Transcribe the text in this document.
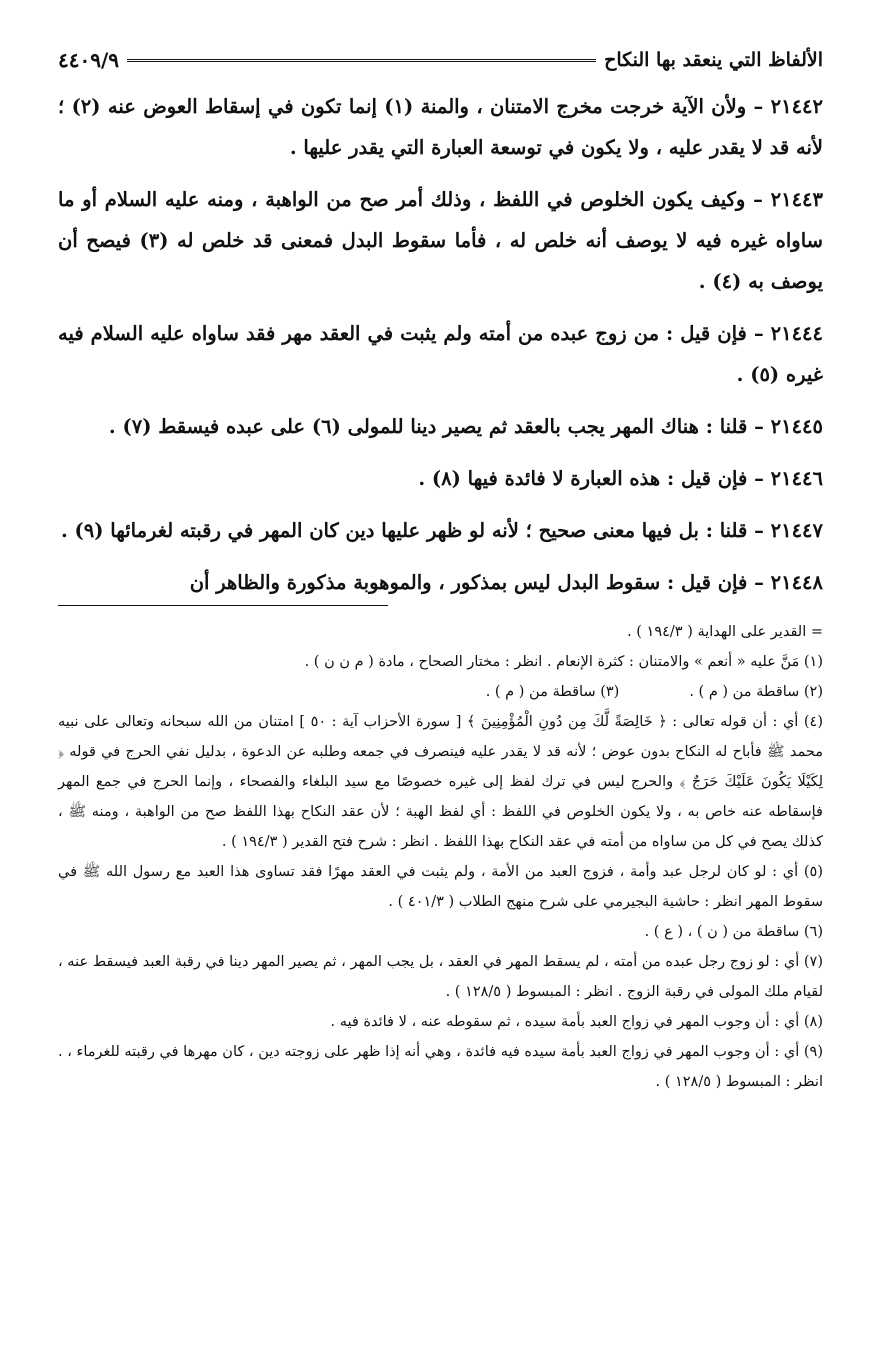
الألفاظ التي ينعقد بها النكاح
٤٤٠٩/٩

٢١٤٤٢ – ولأن الآية خرجت مخرج الامتنان ، والمنة (١) إنما تكون في إسقاط العوض عنه (٢) ؛ لأنه قد لا يقدر عليه ، ولا يكون في توسعة العبارة التي يقدر عليها .

٢١٤٤٣ – وكيف يكون الخلوص في اللفظ ، وذلك أمر صح من الواهبة ، ومنه عليه السلام أو ما ساواه غيره فيه لا يوصف أنه خلص له ، فأما سقوط البدل فمعنى قد خلص له (٣) فيصح أن يوصف به (٤) .

٢١٤٤٤ – فإن قيل : من زوج عبده من أمته ولم يثبت في العقد مهر فقد ساواه عليه السلام فيه غيره (٥) .

٢١٤٤٥ – قلنا : هناك المهر يجب بالعقد ثم يصير دينا للمولى (٦) على عبده فيسقط (٧) .

٢١٤٤٦ – فإن قيل : هذه العبارة لا فائدة فيها (٨) .

٢١٤٤٧ – قلنا : بل فيها معنى صحيح ؛ لأنه لو ظهر عليها دين كان المهر في رقبته لغرمائها (٩) .

٢١٤٤٨ – فإن قيل : سقوط البدل ليس بمذكور ، والموهوبة مذكورة والظاهر أن

= القدير على الهداية ( ١٩٤/٣ ) .

(١) مَنَّ عليه « أنعم » والامتنان : كثرة الإنعام . انظر : مختار الصحاح ، مادة ( م ن ن ) .

(٢) ساقطة من ( م ) .

(٣) ساقطة من ( م ) .

(٤) أي : أن قوله تعالى : ﴿ خَالِصَةً لَّكَ مِن دُونِ الْمُؤْمِنِينَ ﴾ [ سورة الأحزاب آية : ٥٠ ] امتنان من الله سبحانه وتعالى على نبيه محمد ﷺ فأباح له النكاح بدون عوض ؛ لأنه قد لا يقدر عليه فينصرف في جمعه وطلبه عن الدعوة ، بدليل نفي الحرج في قوله ﴿ لِكَيْلَا يَكُونَ عَلَيْكَ حَرَجٌ ﴾ والحرج ليس في ترك لفظ إلى غيره خصوصًا مع سيد البلغاء والفصحاء ، وإنما الحرج في جمع المهر فإسقاطه عنه خاص به ، ولا يكون الخلوص في اللفظ : أي لفظ الهبة ؛ لأن عقد النكاح بهذا اللفظ صح من الواهبة ، ومنه ﷺ ، كذلك يصح في كل من ساواه من أمته في عقد النكاح بهذا اللفظ . انظر : شرح فتح القدير ( ١٩٤/٣ ) .

(٥) أي : لو كان لرجل عبد وأمة ، فزوج العبد من الأمة ، ولم يثبت في العقد مهرًا فقد تساوى هذا العبد مع رسول الله ﷺ في سقوط المهر انظر : حاشية البجيرمي على شرح منهج الطلاب ( ٤٠١/٣ ) .

(٦) ساقطة من ( ن ) ، ( ع ) .

(٧) أي : لو زوج رجل عبده من أمته ، لم يسقط المهر في العقد ، بل يجب المهر ، ثم يصير المهر دينا في رقبة العبد فيسقط عنه ، لقيام ملك المولى في رقبة الزوج . انظر : المبسوط ( ١٢٨/٥ ) .

(٨) أي : أن وجوب المهر في زواج العبد بأمة سيده ، ثم سقوطه عنه ، لا فائدة فيه .

(٩) أي : أن وجوب المهر في زواج العبد بأمة سيده فيه فائدة ، وهي أنه إذا ظهر على زوجته دين ، كان مهرها في رقبته للغرماء ، . انظر : المبسوط ( ١٢٨/٥ ) .
